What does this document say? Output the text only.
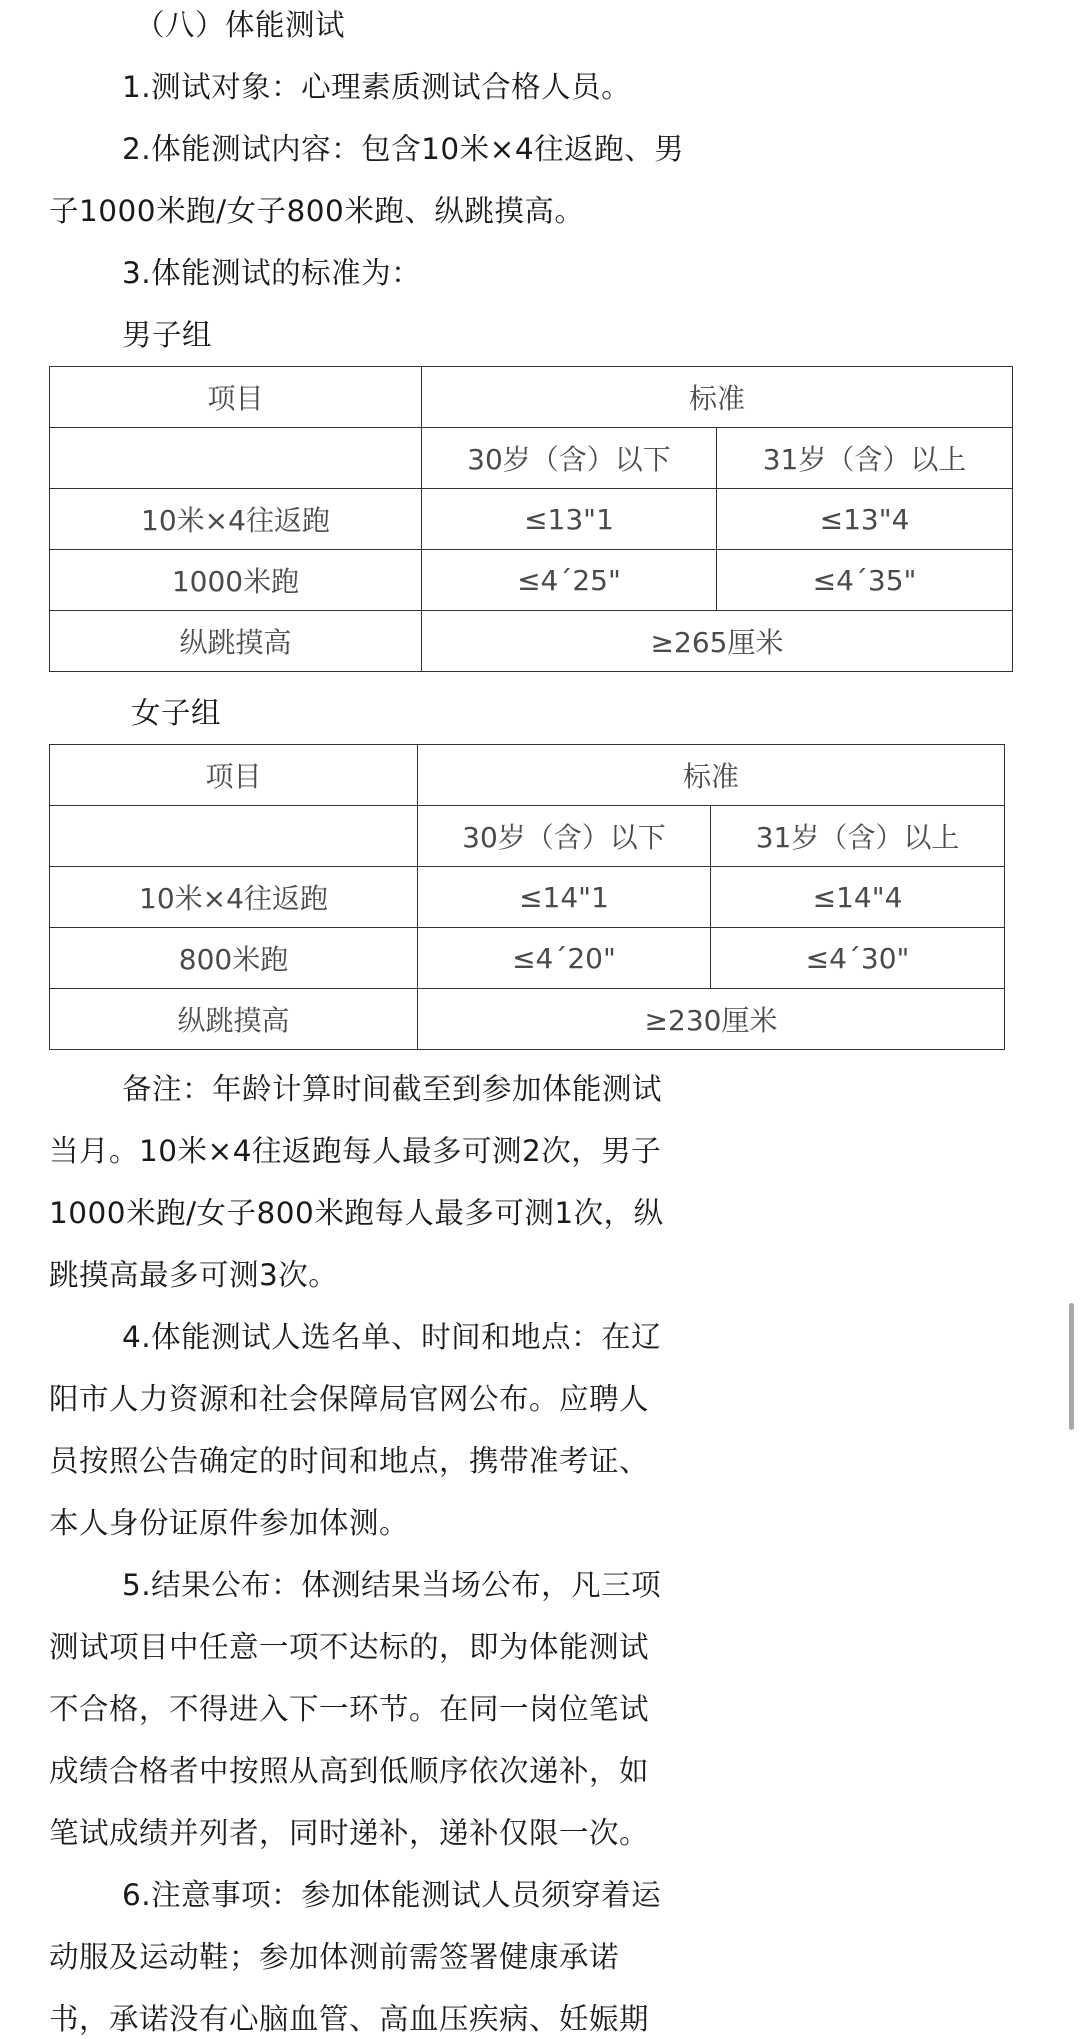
（八）体能测试
1.测试对象：心理素质测试合格人员。
2.体能测试内容：包含10米×4往返跑、男
子1000米跑/女子800米跑、纵跳摸高。
3.体能测试的标准为：
男子组
项目	标准	
	30岁（含）以下	31岁（含）以上
10米×4往返跑	≤13"1	≤13"4
1000米跑	≤4´25"	≤4´35"
纵跳摸高	≥265厘米	
女子组
项目	标准	
	30岁（含）以下	31岁（含）以上
10米×4往返跑	≤14"1	≤14"4
800米跑	≤4´20"	≤4´30"
纵跳摸高	≥230厘米	
备注：年龄计算时间截至到参加体能测试
当月。10米×4往返跑每人最多可测2次，男子
1000米跑/女子800米跑每人最多可测1次，纵
跳摸高最多可测3次。
4.体能测试人选名单、时间和地点：在辽
阳市人力资源和社会保障局官网公布。应聘人
员按照公告确定的时间和地点，携带准考证、
本人身份证原件参加体测。
5.结果公布：体测结果当场公布，凡三项
测试项目中任意一项不达标的，即为体能测试
不合格，不得进入下一环节。在同一岗位笔试
成绩合格者中按照从高到低顺序依次递补，如
笔试成绩并列者，同时递补，递补仅限一次。
6.注意事项：参加体能测试人员须穿着运
动服及运动鞋；参加体测前需签署健康承诺
书，承诺没有心脑血管、高血压疾病、妊娠期
